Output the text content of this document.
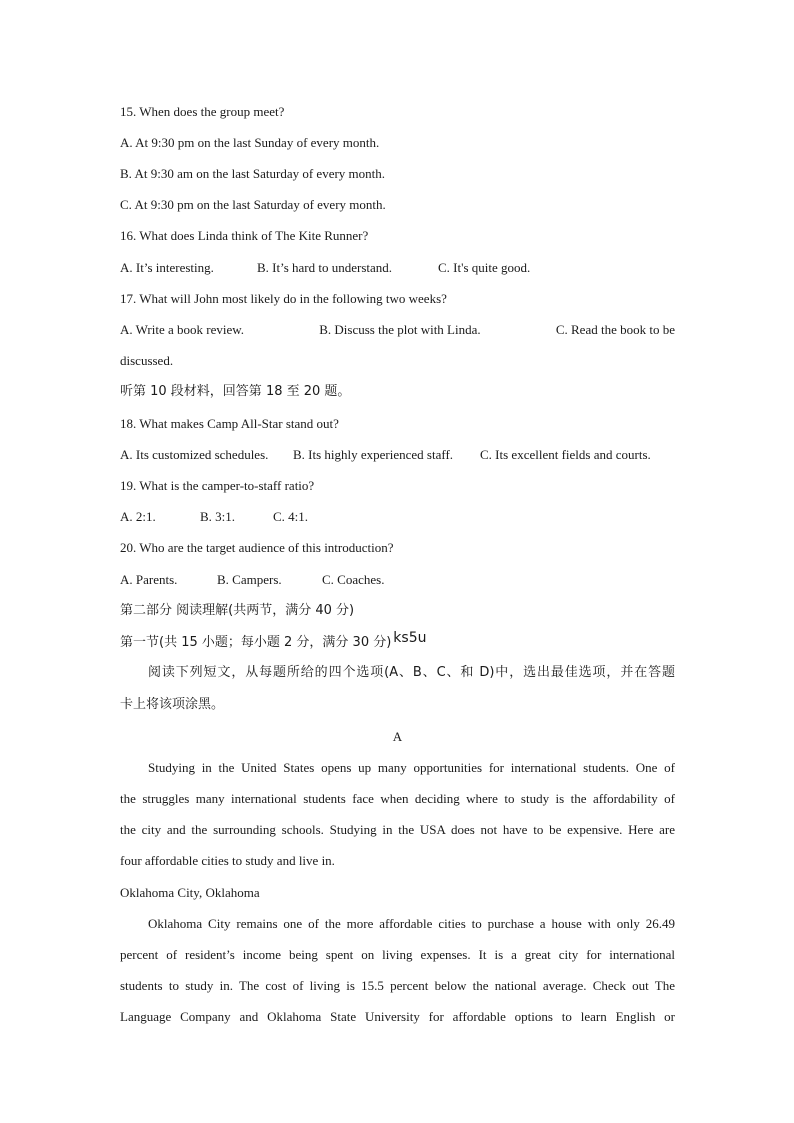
15. When does the group meet?
A. At 9:30 pm on the last Sunday of every month.
B. At 9:30 am on the last Saturday of every month.
C. At 9:30 pm on the last Saturday of every month.
16. What does Linda think of The Kite Runner?
A. It’s interesting.	B. It’s hard to understand.	C. It's quite good.
17. What will John most likely do in the following two weeks?
A. Write a book review.	B. Discuss the plot with Linda.	C. Read the book to be
discussed.
听第 10 段材料，回答第 18 至 20 题。
18. What makes Camp All-Star stand out?
A. Its customized schedules. B. Its highly experienced staff. C. Its excellent fields and courts.
19. What is the camper-to-staff ratio?
A. 2:1.	B. 3:1.	C. 4:1.
20. Who are the target audience of this introduction?
A. Parents.	B. Campers.	C. Coaches.
第二部分 阅读理解(共两节，满分 40 分)
第一节(共 15 小题；每小题 2 分，满分 30 分) ks5u
阅读下列短文，从每题所给的四个选项(A、B、C、和 D)中，选出最佳选项，并在答题
卡上将该项涂黑。
A
Studying in the United States opens up many opportunities for international students. One of
the struggles many international students face when deciding where to study is the affordability of
the city and the surrounding schools. Studying in the USA does not have to be expensive. Here are
four affordable cities to study and live in.
Oklahoma City, Oklahoma
Oklahoma City remains one of the more affordable cities to purchase a house with only 26.49
percent of resident’s income being spent on living expenses. It is a great city for international
students to study in. The cost of living is 15.5 percent below the national average. Check out The
Language Company and Oklahoma State University for affordable options to learn English or
